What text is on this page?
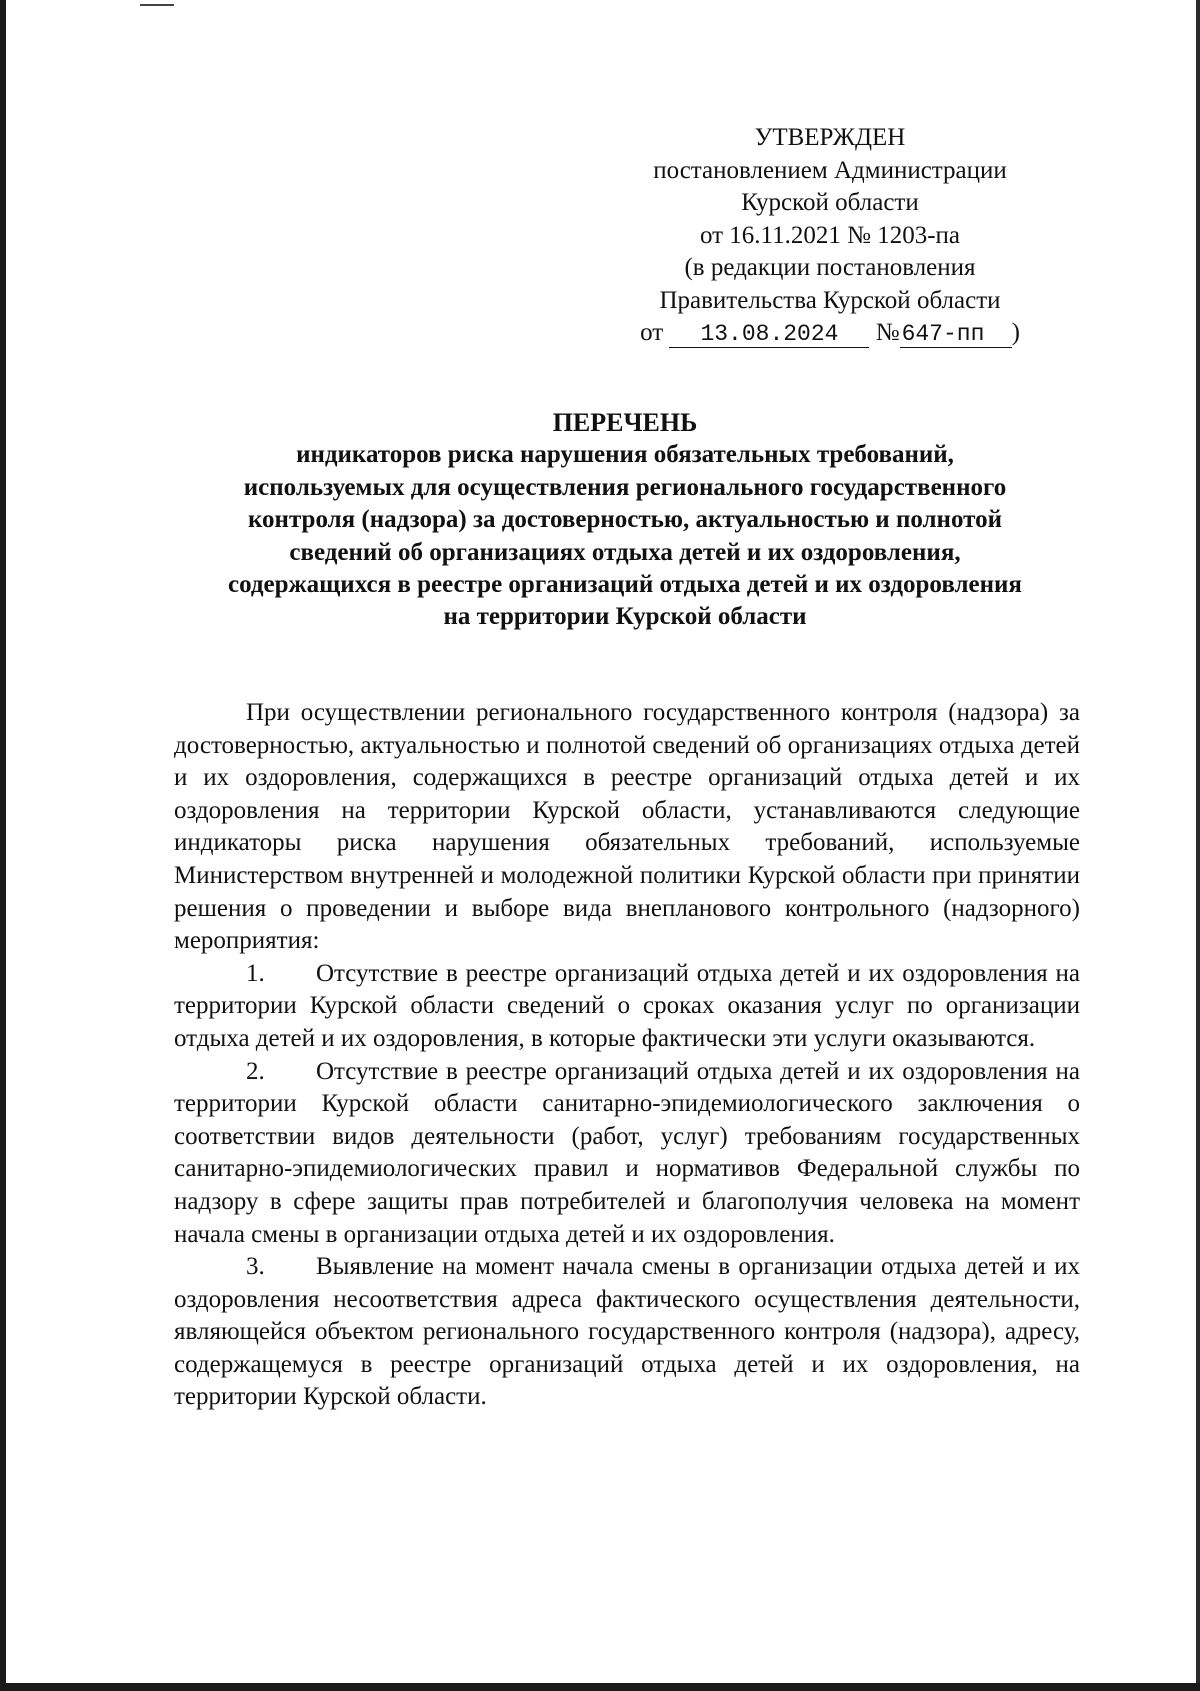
УТВЕРЖДЕН
постановлением Администрации
Курской области
от 16.11.2021 № 1203-па
(в редакции постановления
Правительства Курской области
от 13.08.2024 №647-пп )
ПЕРЕЧЕНЬ
индикаторов риска нарушения обязательных требований,
используемых для осуществления регионального государственного
контроля (надзора) за достоверностью, актуальностью и полнотой
сведений об организациях отдыха детей и их оздоровления,
содержащихся в реестре организаций отдыха детей и их оздоровления
на территории Курской области

При осуществлении регионального государственного контроля (надзора) за достоверностью, актуальностью и полнотой сведений об организациях отдыха детей и их оздоровления, содержащихся в реестре организаций отдыха детей и их оздоровления на территории Курской области, устанавливаются следующие индикаторы риска нарушения обязательных требований, используемые Министерством внутренней и молодежной политики Курской области при принятии решения о проведении и выборе вида внепланового контрольного (надзорного) мероприятия:

1. Отсутствие в реестре организаций отдыха детей и их оздоровления на территории Курской области сведений о сроках оказания услуг по организации отдыха детей и их оздоровления, в которые фактически эти услуги оказываются.

2. Отсутствие в реестре организаций отдыха детей и их оздоровления на территории Курской области санитарно-эпидемиологического заключения о соответствии видов деятельности (работ, услуг) требованиям государственных санитарно-эпидемиологических правил и нормативов Федеральной службы по надзору в сфере защиты прав потребителей и благополучия человека на момент начала смены в организации отдыха детей и их оздоровления.

3. Выявление на момент начала смены в организации отдыха детей и их оздоровления несоответствия адреса фактического осуществления деятельности, являющейся объектом регионального государственного контроля (надзора), адресу, содержащемуся в реестре организаций отдыха детей и их оздоровления, на территории Курской области.
